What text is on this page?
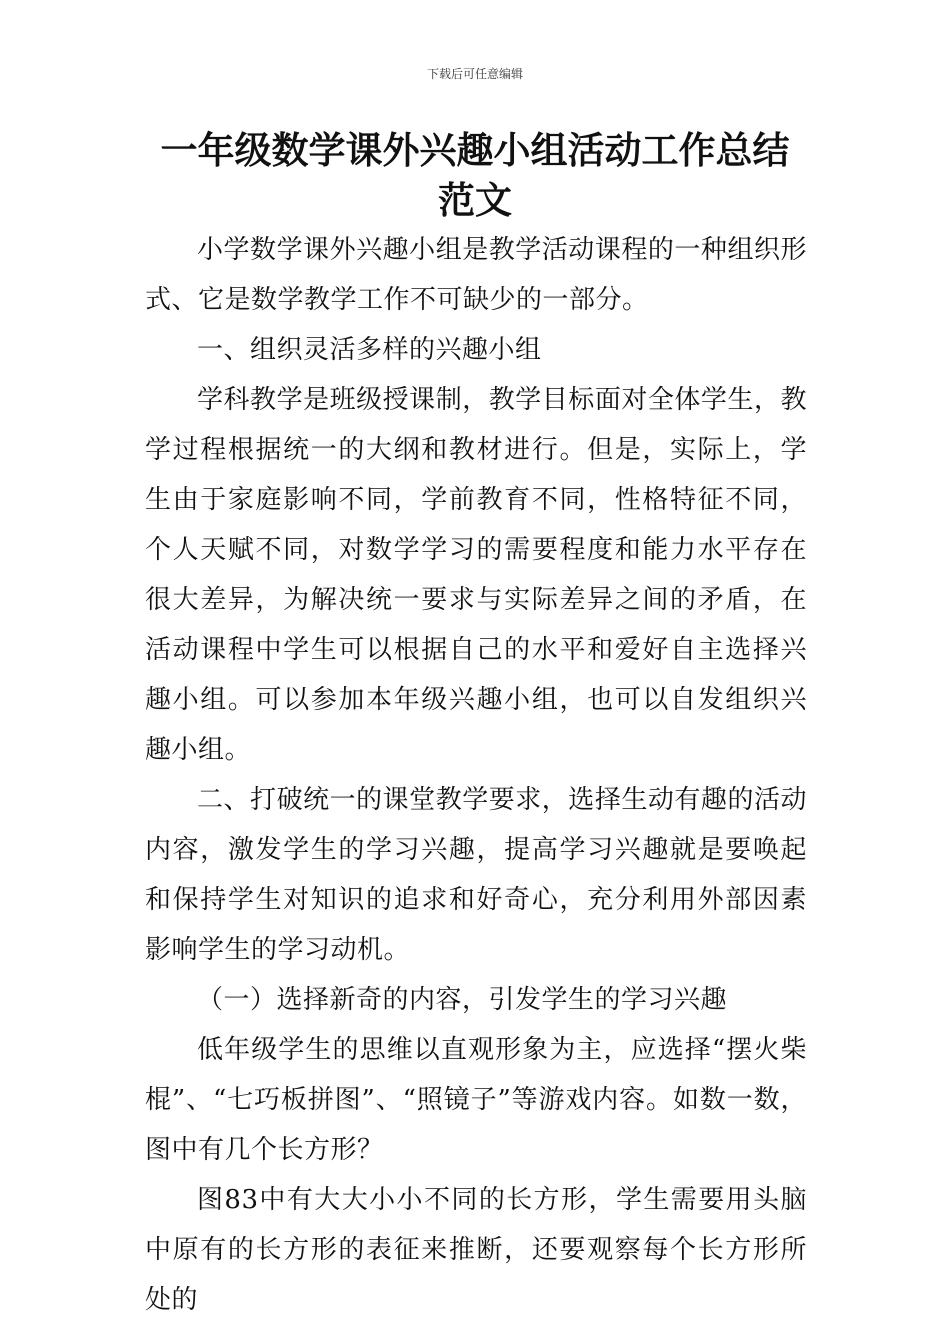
下载后可任意编辑
一年级数学课外兴趣小组活动工作总结范文

小学数学课外兴趣小组是教学活动课程的一种组织形式、它是数学教学工作不可缺少的一部分。

一、组织灵活多样的兴趣小组

学科教学是班级授课制，教学目标面对全体学生，教学过程根据统一的大纲和教材进行。但是，实际上，学生由于家庭影响不同，学前教育不同，性格特征不同，个人天赋不同，对数学学习的需要程度和能力水平存在很大差异，为解决统一要求与实际差异之间的矛盾，在活动课程中学生可以根据自己的水平和爱好自主选择兴趣小组。可以参加本年级兴趣小组，也可以自发组织兴趣小组。

二、打破统一的课堂教学要求，选择生动有趣的活动内容，激发学生的学习兴趣，提高学习兴趣就是要唤起和保持学生对知识的追求和好奇心，充分利用外部因素影响学生的学习动机。

（一）选择新奇的内容，引发学生的学习兴趣

低年级学生的思维以直观形象为主，应选择“摆火柴棍”、“七巧板拼图”、“照镜子”等游戏内容。如数一数，图中有几个长方形？

图83中有大大小小不同的长方形，学生需要用头脑中原有的长方形的表征来推断，还要观察每个长方形所处的
